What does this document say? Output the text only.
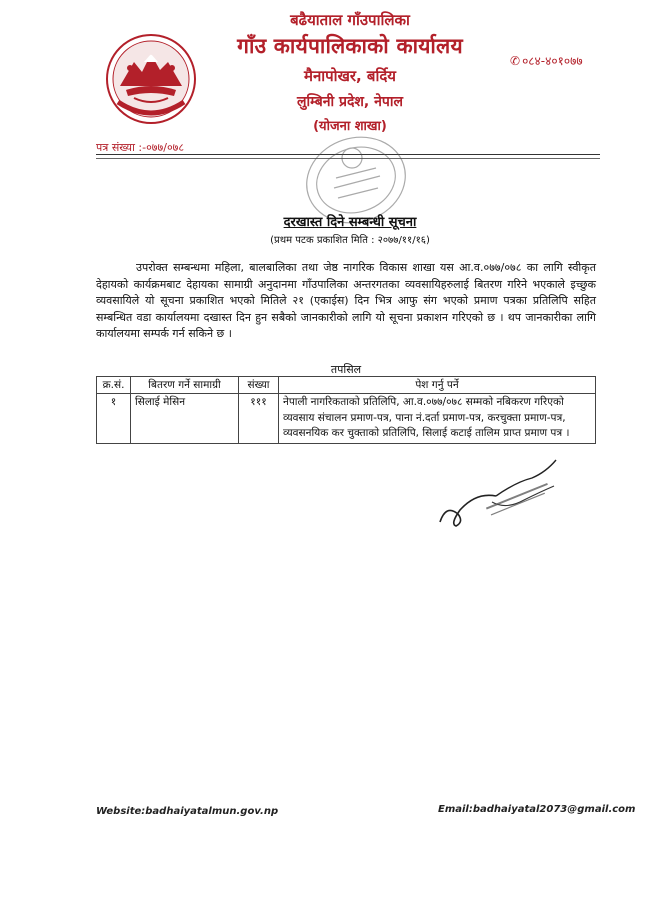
बढैयाताल गाँउपालिका
गाँउ कार्यपालिकाको कार्यालय
मैनापोखर, बर्दिय
लुम्बिनी प्रदेश, नेपाल
(योजना शाखा)
✆ ०८४-४०१०७७
पत्र संख्या :-०७७/०७८
दरखास्त दिने सम्बन्धी सूचना
(प्रथम पटक प्रकाशित मिति : २०७७/११/१६)

उपरोक्त सम्बन्धमा महिला, बालबालिका तथा जेष्ठ नागरिक विकास शाखा यस आ.व.०७७/०७८ का लागि स्वीकृत देहायको कार्यक्रमबाट देहायका सामाग्री अनुदानमा गाँउपालिका अन्तरगतका व्यवसायिहरुलाई बितरण गरिने भएकाले इच्छुक व्यवसायिले यो सूचना प्रकाशित भएको मितिले २१ (एकाईस) दिन भित्र आफु संग भएको प्रमाण पत्रका प्रतिलिपि सहित सम्बन्धित वडा कार्यालयमा दखास्त दिन हुन सबैको जानकारीको लागि यो सूचना प्रकाशन गरिएको छ । थप जानकारीका लागि कार्यालयमा सम्पर्क गर्न सकिने छ ।

तपसिल
क्र.सं.	बितरण गर्ने सामाग्री	संख्या	पेश गर्नु पर्ने
१	सिलाई मेसिन	१११	नेपाली नागरिकताको प्रतिलिपि, आ.व.०७७/०७८ सम्मको नबिकरण गरिएको व्यवसाय संचालन प्रमाण-पत्र, पाना नं.दर्ता प्रमाण-पत्र, करचुक्ता प्रमाण-पत्र, व्यवसनयिक कर चुक्ताको प्रतिलिपि, सिलाई कटाई तालिम प्राप्त प्रमाण पत्र ।
Website:badhaiyatalmun.gov.np	Email:badhaiyatal2073@gmail.com
